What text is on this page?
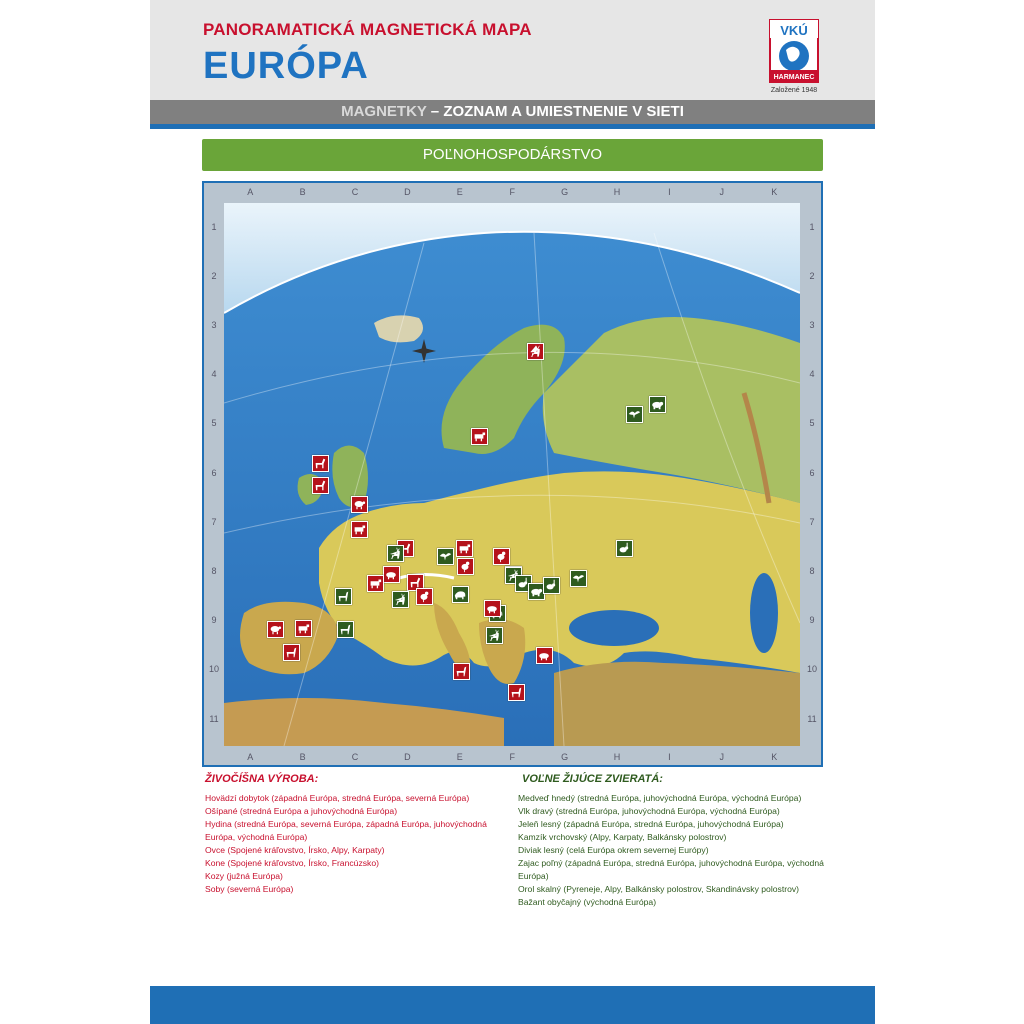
PANORAMATICKÁ MAGNETICKÁ MAPA
EURÓPA
VKÚ
HARMANEC
Založené 1948
MAGNETKY – ZOZNAM A UMIESTNENIE V SIETI
POĽNOHOSPODÁRSTVO
A
A
B
B
C
C
D
D
E
E
F
F
G
G
H
H
I
I
J
J
K
K
1	1
2	2
3	3
4	4
5	5
6	6
7	7
8	8
9	9
10	10
11	11
ŽIVOČÍŠNA VÝROBA:
Hovädzí dobytok (západná Európa, stredná Európa, severná Európa)
Ošípané (stredná Európa a juhovýchodná Európa)
Hydina (stredná Európa, severná Európa, západná Európa, juhovýchodná
Európa, východná Európa)
Ovce (Spojené kráľovstvo, Írsko, Alpy, Karpaty)
Kone (Spojené kráľovstvo, Írsko, Francúzsko)
Kozy (južná Európa)
Soby (severná Európa)
VOĽNE ŽIJÚCE ZVIERATÁ:
Medveď hnedý (stredná Európa, juhovýchodná Európa, východná Európa)
Vlk dravý (stredná Európa, juhovýchodná Európa, východná Európa)
Jeleň lesný (západná Európa, stredná Európa, juhovýchodná Európa)
Kamzík vrchovský (Alpy, Karpaty, Balkánsky polostrov)
Diviak lesný (celá Európa okrem severnej Európy)
Zajac poľný (západná Európa, stredná Európa, juhovýchodná Európa, východná
Európa)
Orol skalný (Pyreneje, Alpy, Balkánsky polostrov, Skandinávsky polostrov)
Bažant obyčajný (východná Európa)
